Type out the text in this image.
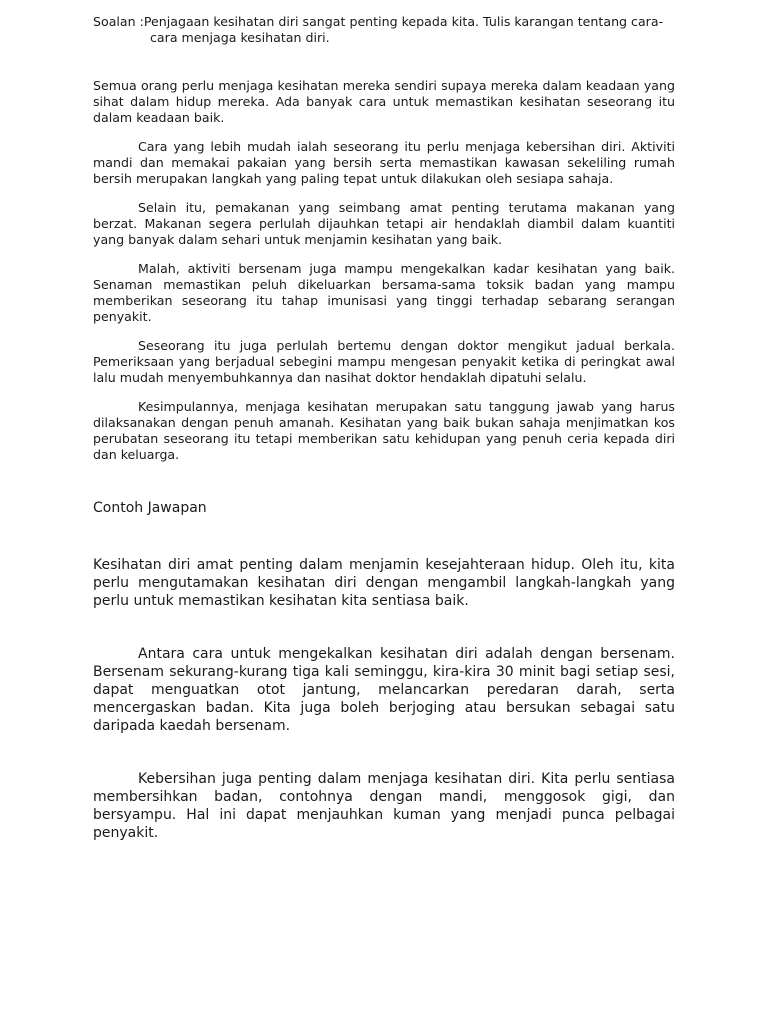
Soalan :Penjagaan kesihatan diri sangat penting kepada kita. Tulis karangan tentang cara-
cara menjaga kesihatan diri.

Semua orang perlu menjaga kesihatan mereka sendiri supaya mereka dalam keadaan yang sihat dalam hidup mereka. Ada banyak cara untuk memastikan kesihatan seseorang itu dalam keadaan baik.

Cara yang lebih mudah ialah seseorang itu perlu menjaga kebersihan diri. Aktiviti mandi dan memakai pakaian yang bersih serta memastikan kawasan sekeliling rumah bersih merupakan langkah yang paling tepat untuk dilakukan oleh sesiapa sahaja.

Selain itu, pemakanan yang seimbang amat penting terutama makanan yang berzat. Makanan segera perlulah dijauhkan tetapi air hendaklah diambil dalam kuantiti yang banyak dalam sehari untuk menjamin kesihatan yang baik.

Malah, aktiviti bersenam juga mampu mengekalkan kadar kesihatan yang baik. Senaman memastikan peluh dikeluarkan bersama-sama toksik badan yang mampu memberikan seseorang itu tahap imunisasi yang tinggi terhadap sebarang serangan penyakit.

Seseorang itu juga perlulah bertemu dengan doktor mengikut jadual berkala. Pemeriksaan yang berjadual sebegini mampu mengesan penyakit ketika di peringkat awal lalu mudah menyembuhkannya dan nasihat doktor hendaklah dipatuhi selalu.

Kesimpulannya, menjaga kesihatan merupakan satu tanggung jawab yang harus dilaksanakan dengan penuh amanah. Kesihatan yang baik bukan sahaja menjimatkan kos perubatan seseorang itu tetapi memberikan satu kehidupan yang penuh ceria kepada diri dan keluarga.

Contoh Jawapan

Kesihatan diri amat penting dalam menjamin kesejahteraan hidup. Oleh itu, kita perlu mengutamakan kesihatan diri dengan mengambil langkah-langkah yang perlu untuk memastikan kesihatan kita sentiasa baik.

Antara cara untuk mengekalkan kesihatan diri adalah dengan bersenam. Bersenam sekurang-kurang tiga kali seminggu, kira-kira 30 minit bagi setiap sesi, dapat menguatkan otot jantung, melancarkan peredaran darah, serta mencergaskan badan. Kita juga boleh berjoging atau bersukan sebagai satu daripada kaedah bersenam.

Kebersihan juga penting dalam menjaga kesihatan diri. Kita perlu sentiasa membersihkan badan, contohnya dengan mandi, menggosok gigi, dan bersyampu. Hal ini dapat menjauhkan kuman yang menjadi punca pelbagai penyakit.
